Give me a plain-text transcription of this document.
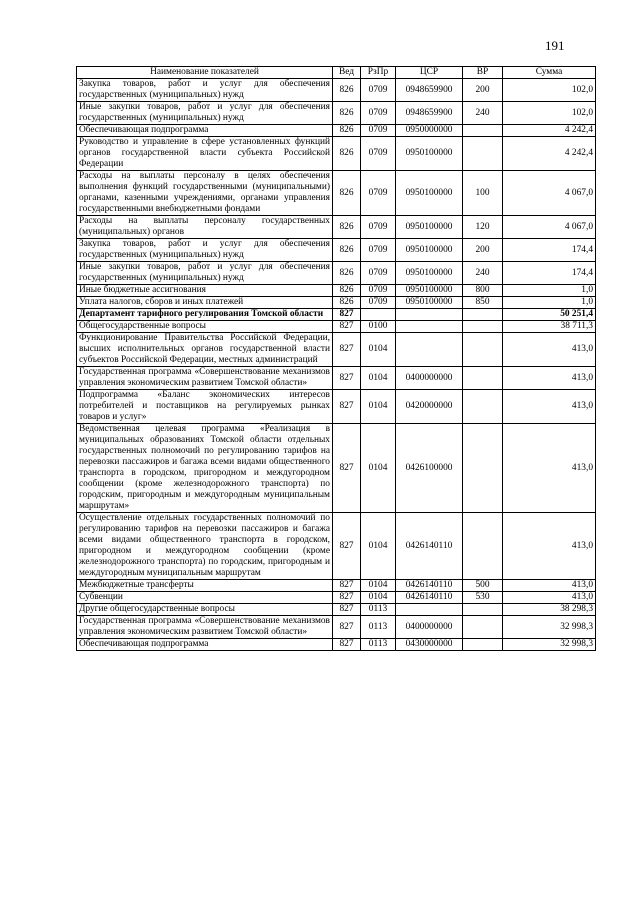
191
Наименование показателей	Вед	РзПр	ЦСР	ВР	Сумма
Закупка товаров, работ и услуг для обеспечения государственных (муниципальных) нужд	826	0709	0948659900	200	102,0
Иные закупки товаров, работ и услуг для обеспечения государственных (муниципальных) нужд	826	0709	0948659900	240	102,0
Обеспечивающая подпрограмма	826	0709	0950000000		4 242,4
Руководство и управление в сфере установленных функций органов государственной власти субъекта Российской Федерации	826	0709	0950100000		4 242,4
Расходы на выплаты персоналу в целях обеспечения выполнения функций государственными (муниципальными) органами, казенными учреждениями, органами управления государственными внебюджетными фондами	826	0709	0950100000	100	4 067,0
Расходы на выплаты персоналу государственных (муниципальных) органов	826	0709	0950100000	120	4 067,0
Закупка товаров, работ и услуг для обеспечения государственных (муниципальных) нужд	826	0709	0950100000	200	174,4
Иные закупки товаров, работ и услуг для обеспечения государственных (муниципальных) нужд	826	0709	0950100000	240	174,4
Иные бюджетные ассигнования	826	0709	0950100000	800	1,0
Уплата налогов, сборов и иных платежей	826	0709	0950100000	850	1,0
Департамент тарифного регулирования Томской области	827				50 251,4
Общегосударственные вопросы	827	0100			38 711,3
Функционирование Правительства Российской Федерации, высших исполнительных органов государственной власти субъектов Российской Федерации, местных администраций	827	0104			413,0
Государственная программа «Совершенствование механизмов управления экономическим развитием Томской области»	827	0104	0400000000		413,0
Подпрограмма «Баланс экономических интересов потребителей и поставщиков на регулируемых рынках товаров и услуг»	827	0104	0420000000		413,0
Ведомственная целевая программа «Реализация в муниципальных образованиях Томской области отдельных государственных полномочий по регулированию тарифов на перевозки пассажиров и багажа всеми видами общественного транспорта в городском, пригородном и междугородном сообщении (кроме железнодорожного транспорта) по городским, пригородным и междугородным муниципальным маршрутам»	827	0104	0426100000		413,0
Осуществление отдельных государственных полномочий по регулированию тарифов на перевозки пассажиров и багажа всеми видами общественного транспорта в городском, пригородном и междугородном сообщении (кроме железнодорожного транспорта) по городским, пригородным и междугородным муниципальным маршрутам	827	0104	0426140110		413,0
Межбюджетные трансферты	827	0104	0426140110	500	413,0
Субвенции	827	0104	0426140110	530	413,0
Другие общегосударственные вопросы	827	0113			38 298,3
Государственная программа «Совершенствование механизмов управления экономическим развитием Томской области»	827	0113	0400000000		32 998,3
Обеспечивающая подпрограмма	827	0113	0430000000		32 998,3
